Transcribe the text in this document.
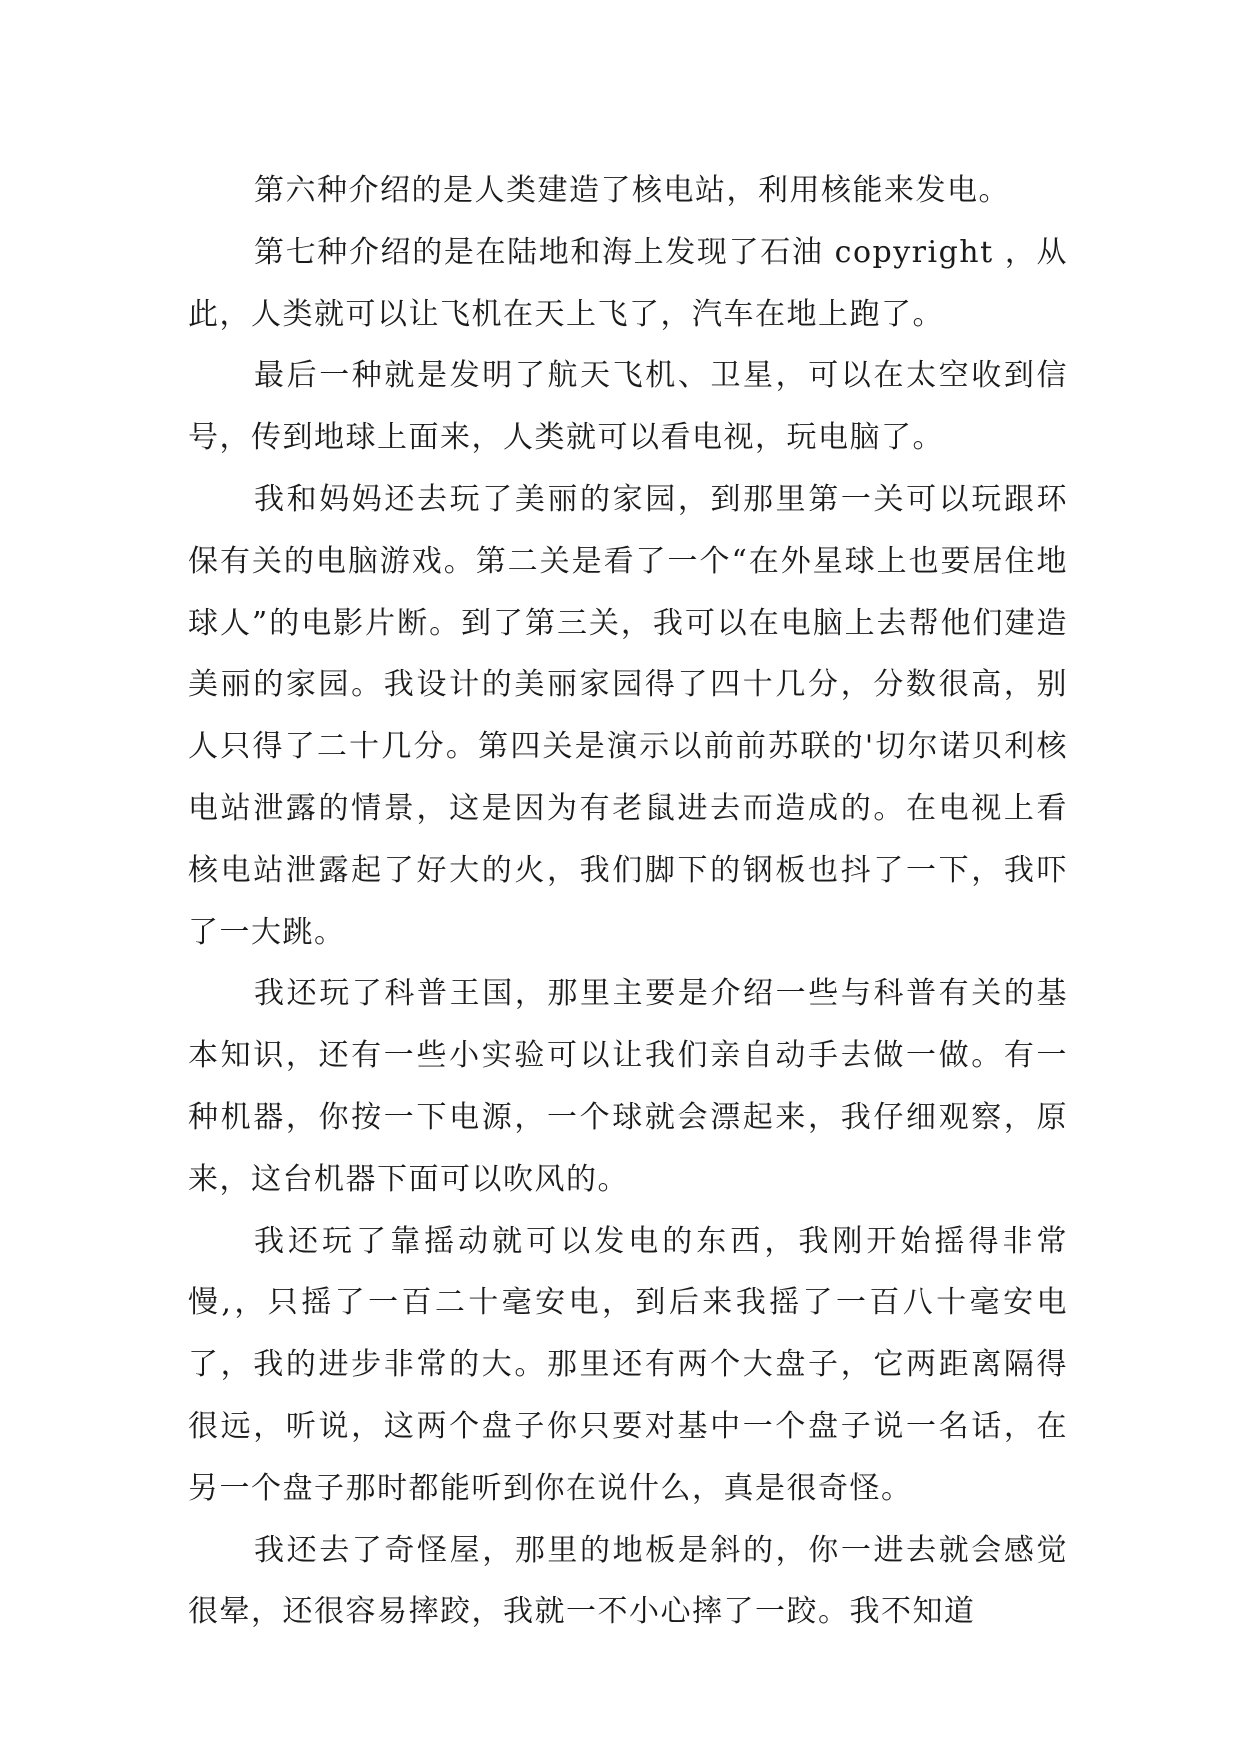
第六种介绍的是人类建造了核电站，利用核能来发电。

第七种介绍的是在陆地和海上发现了石油 copyright ，从此，人类就可以让飞机在天上飞了，汽车在地上跑了。

最后一种就是发明了航天飞机、卫星，可以在太空收到信号，传到地球上面来，人类就可以看电视，玩电脑了。

我和妈妈还去玩了美丽的家园，到那里第一关可以玩跟环保有关的电脑游戏。第二关是看了一个“在外星球上也要居住地球人”的电影片断。到了第三关，我可以在电脑上去帮他们建造美丽的家园。我设计的美丽家园得了四十几分，分数很高，别人只得了二十几分。第四关是演示以前前苏联的'切尔诺贝利核电站泄露的情景，这是因为有老鼠进去而造成的。在电视上看核电站泄露起了好大的火，我们脚下的钢板也抖了一下，我吓了一大跳。

我还玩了科普王国，那里主要是介绍一些与科普有关的基本知识，还有一些小实验可以让我们亲自动手去做一做。有一种机器，你按一下电源，一个球就会漂起来，我仔细观察，原来，这台机器下面可以吹风的。

我还玩了靠摇动就可以发电的东西，我刚开始摇得非常慢,，只摇了一百二十毫安电，到后来我摇了一百八十毫安电了，我的进步非常的大。那里还有两个大盘子，它两距离隔得很远，听说，这两个盘子你只要对基中一个盘子说一名话，在另一个盘子那时都能听到你在说什么，真是很奇怪。

我还去了奇怪屋，那里的地板是斜的，你一进去就会感觉很晕，还很容易摔跤，我就一不小心摔了一跤。我不知道
